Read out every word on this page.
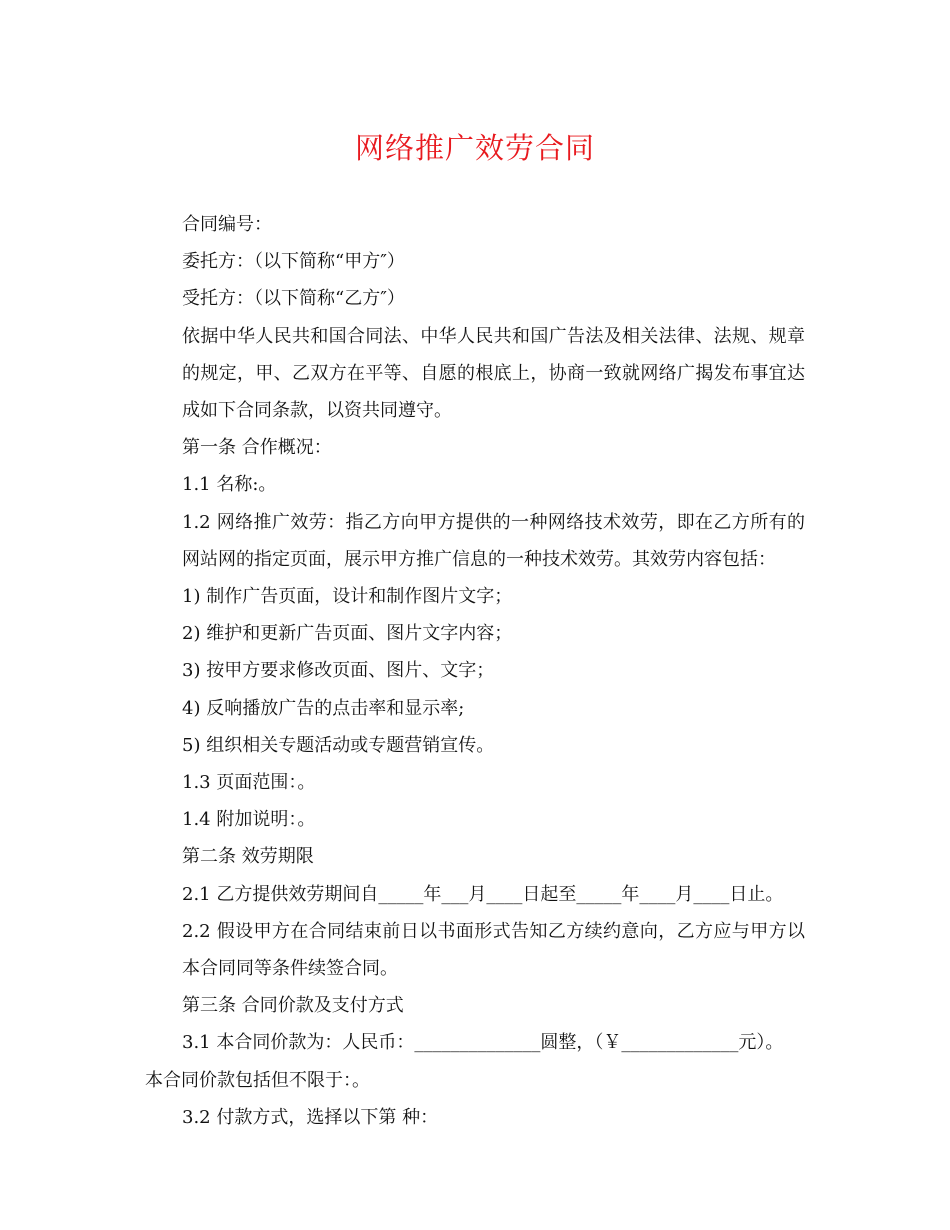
网络推广效劳合同

合同编号：

委托方：（以下简称“甲方″）

受托方：（以下简称“乙方″）

依据中华人民共和国合同法、中华人民共和国广告法及相关法律、法规、规章的规定，甲、乙双方在平等、自愿的根底上，协商一致就网络广揭发布事宜达成如下合同条款，以资共同遵守。

第一条 合作概况：

1.1 名称:。

1.2 网络推广效劳：指乙方向甲方提供的一种网络技术效劳，即在乙方所有的网站网的指定页面，展示甲方推广信息的一种技术效劳。其效劳内容包括：

1) 制作广告页面，设计和制作图片文字；

2) 维护和更新广告页面、图片文字内容；

3) 按甲方要求修改页面、图片、文字；

4) 反响播放广告的点击率和显示率;

5) 组织相关专题活动或专题营销宣传。

1.3 页面范围：。

1.4 附加说明：。

第二条 效劳期限

2.1 乙方提供效劳期间自_____年___月____日起至_____年____月____日止。

2.2 假设甲方在合同结束前日以书面形式告知乙方续约意向，乙方应与甲方以本合同同等条件续签合同。

第三条 合同价款及支付方式

3.1 本合同价款为：人民币：______________圆整，（￥_____________元）。

本合同价款包括但不限于：。

3.2 付款方式，选择以下第 种：
